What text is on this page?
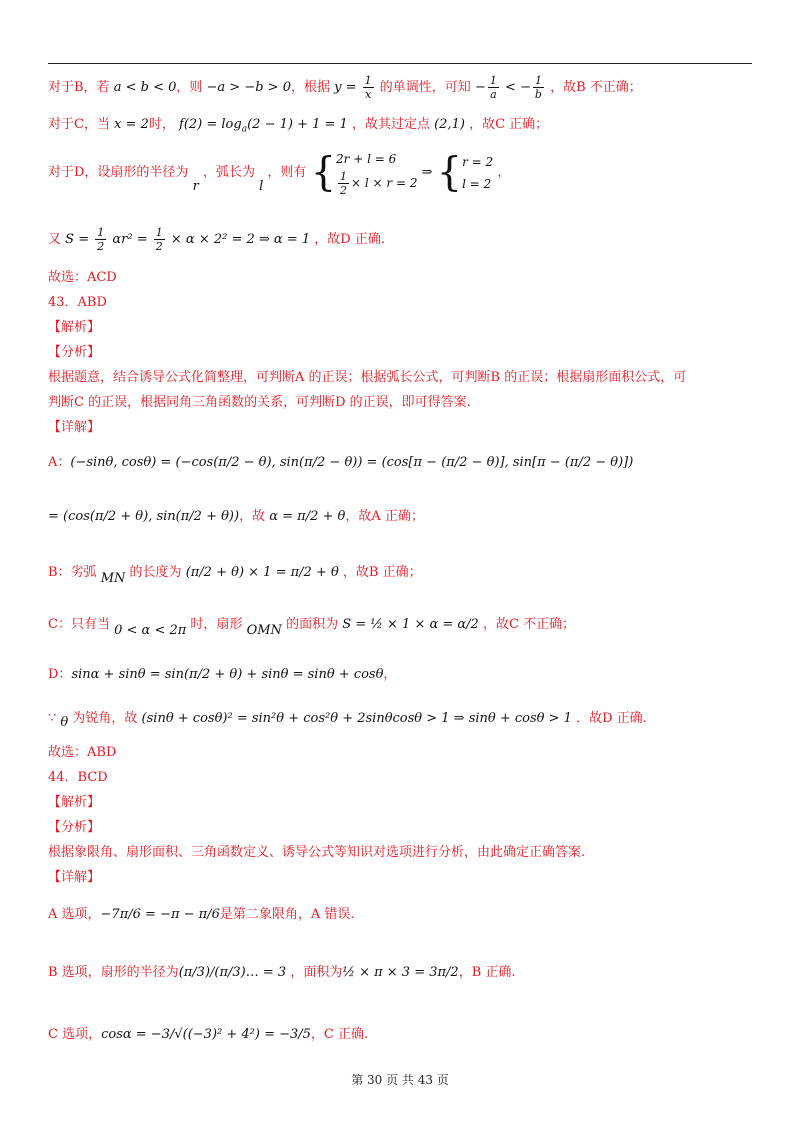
对于B，若 a < b < 0，则 −a > −b > 0，根据 $y = \frac{1}{x}$ 的单调性，可知 − $\frac{1}{a}$ < − $\frac{1}{b}$ ，故B 不正确；
对于C，当 x = 2时， $f(2) = \log_a(2 - 1) + 1 = 1$ ，故其过定点 (2,1) ，故C 正确；
对于D，设扇形的半径为 r ，弧长为 l ，则有 { 2r + l = 6
$\frac{1}{2} \times l \times r = 2$
⇒ { r = 2
l = 2
，
又 $S = \frac{1}{2} \alpha r^2 = \frac{1}{2} \times \alpha \times 2^2 = 2$ ⇒ α = 1 ，故D 正确.
故选：ACD
43．ABD
【解析】
【分析】
根据题意，结合诱导公式化简整理，可判断A 的正误；根据弧长公式，可判断B 的正误；根据扇形面积公式，可
判断C 的正误，根据同角三角函数的关系，可判断D 的正误，即可得答案.
【详解】
A：(−sinθ, cosθ) = (−cos(π/2 − θ), sin(π/2 − θ)) = (cos[π − (π/2 − θ)], sin[π − (π/2 − θ)])
= (cos(π/2 + θ), sin(π/2 + θ))，故 α = π/2 + θ，故A 正确；
B：劣弧 MN 的长度为 (π/2 + θ) × 1 = π/2 + θ ，故B 正确；
C：只有当 0 < α < 2π 时，扇形 OMN 的面积为 S = ½ × 1 × α = α/2 ，故C 不正确；
D：sinα + sinθ = sin(π/2 + θ) + sinθ = sinθ + cosθ，
∵ θ 为锐角，故 (sinθ + cosθ)² = sin²θ + cos²θ + 2sinθcosθ > 1 ⇒ sinθ + cosθ > 1 ．故D 正确.
故选：ABD
44．BCD
【解析】
【分析】
根据象限角、扇形面积、三角函数定义、诱导公式等知识对选项进行分析，由此确定正确答案.
【详解】
A 选项，−7π/6 = −π − π/6是第二象限角，A 错误.
B 选项，扇形的半径为(π/3)/(π/3)… = 3 ，面积为½ × π × 3 = 3π/2，B 正确.
C 选项，cosα = −3/√((−3)² + 4²) = −3/5，C 正确.
第 30 页 共 43 页
